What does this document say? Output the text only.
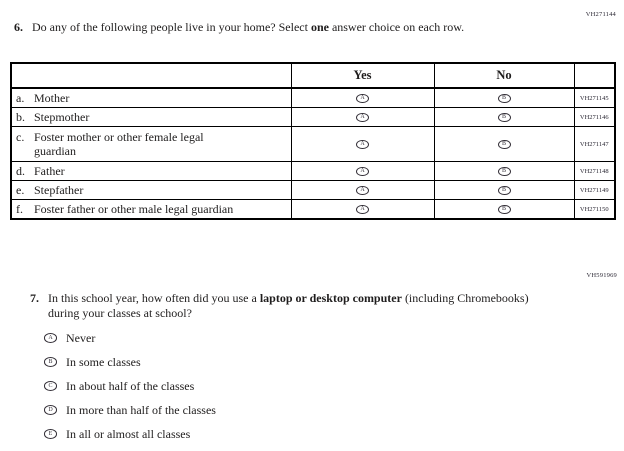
VH271144
6. Do any of the following people live in your home? Select one answer choice on each row.
	Yes	No	

a. Mother	A	B	VH271145

b. Stepmother	A	B	VH271146

c. Foster mother or other female legal guardian	A	B	VH271147

d. Father	A	B	VH271148

e. Stepfather	A	B	VH271149

f. Foster father or other male legal guardian	A	B	VH271150
VH591969
7. In this school year, how often did you use a laptop or desktop computer (including Chromebooks) during your classes at school?
A Never
B In some classes
C In about half of the classes
D In more than half of the classes
E In all or almost all classes
